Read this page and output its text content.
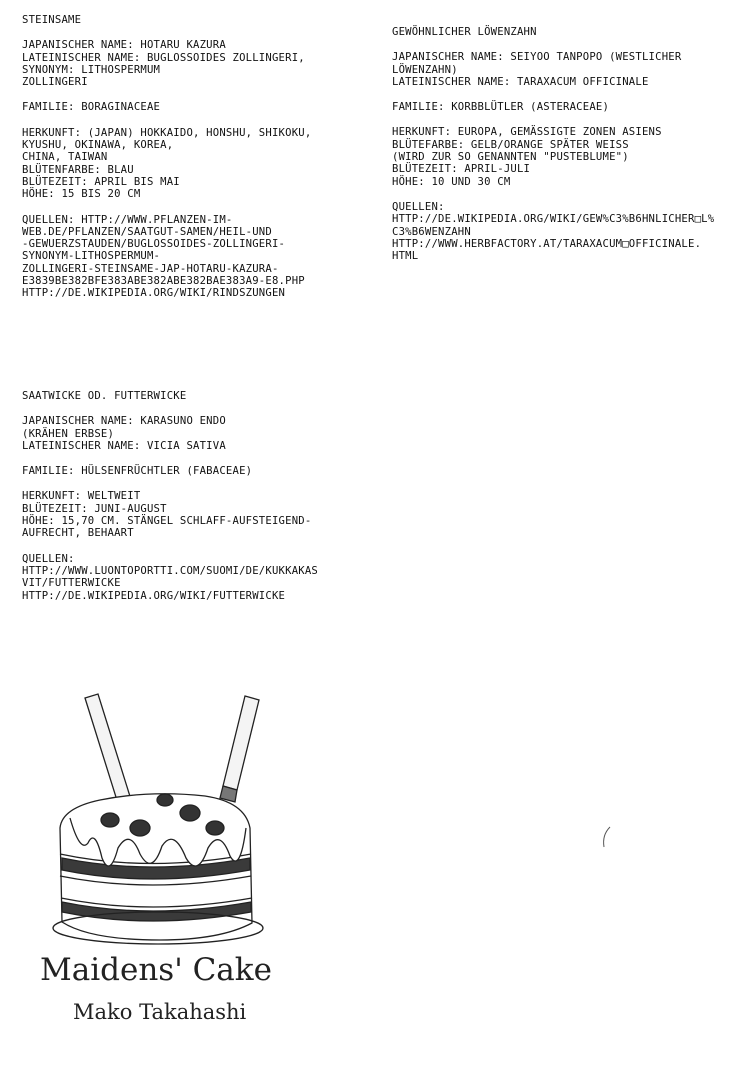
STEINSAME

JAPANISCHER NAME: HOTARU KAZURA
LATEINISCHER NAME: BUGLOSSOIDES ZOLLINGERI,
SYNONYM: LITHOSPERMUM
ZOLLINGERI

FAMILIE: BORAGINACEAE

HERKUNFT: (JAPAN) HOKKAIDO, HONSHU, SHIKOKU,
KYUSHU, OKINAWA, KOREA,
CHINA, TAIWAN
BLÜTENFARBE: BLAU
BLÜTEZEIT: APRIL BIS MAI
HÖHE: 15 BIS 20 CM

QUELLEN: HTTP://WWW.PFLANZEN-IM-
WEB.DE/PFLANZEN/SAATGUT-SAMEN/HEIL-UND
-GEWUERZSTAUDEN/BUGLOSSOIDES-ZOLLINGERI-
SYNONYM-LITHOSPERMUM-
ZOLLINGERI-STEINSAME-JAP-HOTARU-KAZURA-
E3839BE382BFE383ABE382ABE382BAE383A9-E8.PHP
HTTP://DE.WIKIPEDIA.ORG/WIKI/RINDSZUNGEN

GEWÖHNLICHER LÖWENZAHN

JAPANISCHER NAME: SEIYOO TANPOPO (WESTLICHER
LÖWENZAHN)
LATEINISCHER NAME: TARAXACUM OFFICINALE

FAMILIE: KORBBLÜTLER (ASTERACEAE)

HERKUNFT: EUROPA, GEMÄSSIGTE ZONEN ASIENS
BLÜTEFARBE: GELB/ORANGE SPÄTER WEISS
(WIRD ZUR SO GENANNTEN "PUSTEBLUME")
BLÜTEZEIT: APRIL-JULI
HÖHE: 10 UND 30 CM

QUELLEN:
HTTP://DE.WIKIPEDIA.ORG/WIKI/GEW%C3%B6HNLICHER□L%
C3%B6WENZAHN
HTTP://WWW.HERBFACTORY.AT/TARAXACUM□OFFICINALE.
HTML

SAATWICKE OD. FUTTERWICKE

JAPANISCHER NAME: KARASUNO ENDO
(KRÄHEN ERBSE)
LATEINISCHER NAME: VICIA SATIVA

FAMILIE: HÜLSENFRÜCHTLER (FABACEAE)

HERKUNFT: WELTWEIT
BLÜTEZEIT: JUNI-AUGUST
HÖHE: 15,70 CM. STÄNGEL SCHLAFF-AUFSTEIGEND-
AUFRECHT, BEHAART

QUELLEN:
HTTP://WWW.LUONTOPORTTI.COM/SUOMI/DE/KUKKAKAS
VIT/FUTTERWICKE
HTTP://DE.WIKIPEDIA.ORG/WIKI/FUTTERWICKE

Maidens' Cake
Mako Takahashi
